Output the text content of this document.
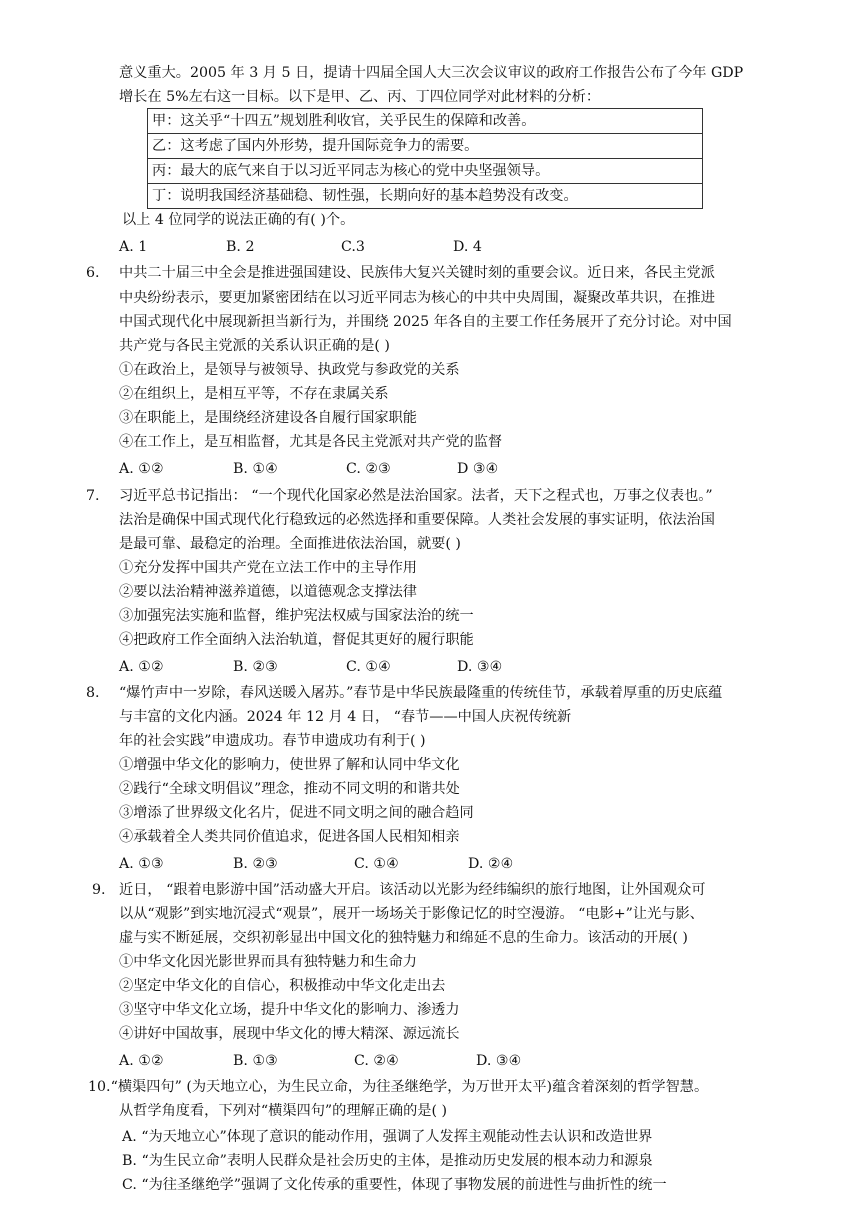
意义重大。2005 年 3 月 5 日，提请十四届全国人大三次会议审议的政府工作报告公布了今年 GDP
增长在 5%左右这一目标。以下是甲、乙、丙、丁四位同学对此材料的分析：
甲：这关乎“十四五”规划胜利收官，关乎民生的保障和改善。
乙：这考虑了国内外形势，提升国际竞争力的需要。
丙：最大的底气来自于以习近平同志为核心的党中央坚强领导。
丁：说明我国经济基础稳、韧性强，长期向好的基本趋势没有改变。
以上 4 位同学的说法正确的有( )个。
A. 1	B. 2	C.3	D. 4
6. 中共二十届三中全会是推进强国建设、民族伟大复兴关键时刻的重要会议。近日来，各民主党派
中央纷纷表示，要更加紧密团结在以习近平同志为核心的中共中央周围，凝聚改革共识，在推进
中国式现代化中展现新担当新行为，并围绕 2025 年各自的主要工作任务展开了充分讨论。对中国
共产党与各民主党派的关系认识正确的是( )
①在政治上，是领导与被领导、执政党与参政党的关系
②在组织上，是相互平等，不存在隶属关系
③在职能上，是围绕经济建设各自履行国家职能
④在工作上，是互相监督，尤其是各民主党派对共产党的监督
A. ①②	B. ①④	C. ②③	D ③④
7. 习近平总书记指出： “一个现代化国家必然是法治国家。法者，天下之程式也，万事之仪表也。”
法治是确保中国式现代化行稳致远的必然选择和重要保障。人类社会发展的事实证明，依法治国
是最可靠、最稳定的治理。全面推进依法治国，就要( )
①充分发挥中国共产党在立法工作中的主导作用
②要以法治精神滋养道德，以道德观念支撑法律
③加强宪法实施和监督，维护宪法权威与国家法治的统一
④把政府工作全面纳入法治轨道，督促其更好的履行职能
A. ①②	B. ②③	C. ①④	D. ③④
8. “爆竹声中一岁除，春风送暖入屠苏。”春节是中华民族最隆重的传统佳节，承载着厚重的历史底蕴
与丰富的文化内涵。2024 年 12 月 4 日， “春节——中国人庆祝传统新
年的社会实践”申遗成功。春节申遗成功有利于( )
①增强中华文化的影响力，使世界了解和认同中华文化
②践行“全球文明倡议”理念，推动不同文明的和谐共处
③增添了世界级文化名片，促进不同文明之间的融合趋同
④承载着全人类共同价值追求，促进各国人民相知相亲
A. ①③	B. ②③	C. ①④	D. ②④
9. 近日， “跟着电影游中国”活动盛大开启。该活动以光影为经纬编织的旅行地图，让外国观众可
以从“观影”到实地沉浸式“观景”，展开一场场关于影像记忆的时空漫游。 “电影+”让光与影、
虚与实不断延展，交织初彰显出中国文化的独特魅力和绵延不息的生命力。该活动的开展( )
①中华文化因光影世界而具有独特魅力和生命力
②坚定中华文化的自信心，积极推动中华文化走出去
③坚守中华文化立场，提升中华文化的影响力、渗透力
④讲好中国故事，展现中华文化的博大精深、源远流长
A. ①②	B. ①③	C. ②④	D. ③④
10.“横渠四句” (为天地立心，为生民立命，为往圣继绝学，为万世开太平)蕴含着深刻的哲学智慧。
从哲学角度看，下列对“横渠四句”的理解正确的是( )
A. “为天地立心”体现了意识的能动作用，强调了人发挥主观能动性去认识和改造世界
B. “为生民立命”表明人民群众是社会历史的主体，是推动历史发展的根本动力和源泉
C. “为往圣继绝学”强调了文化传承的重要性，体现了事物发展的前进性与曲折性的统一
